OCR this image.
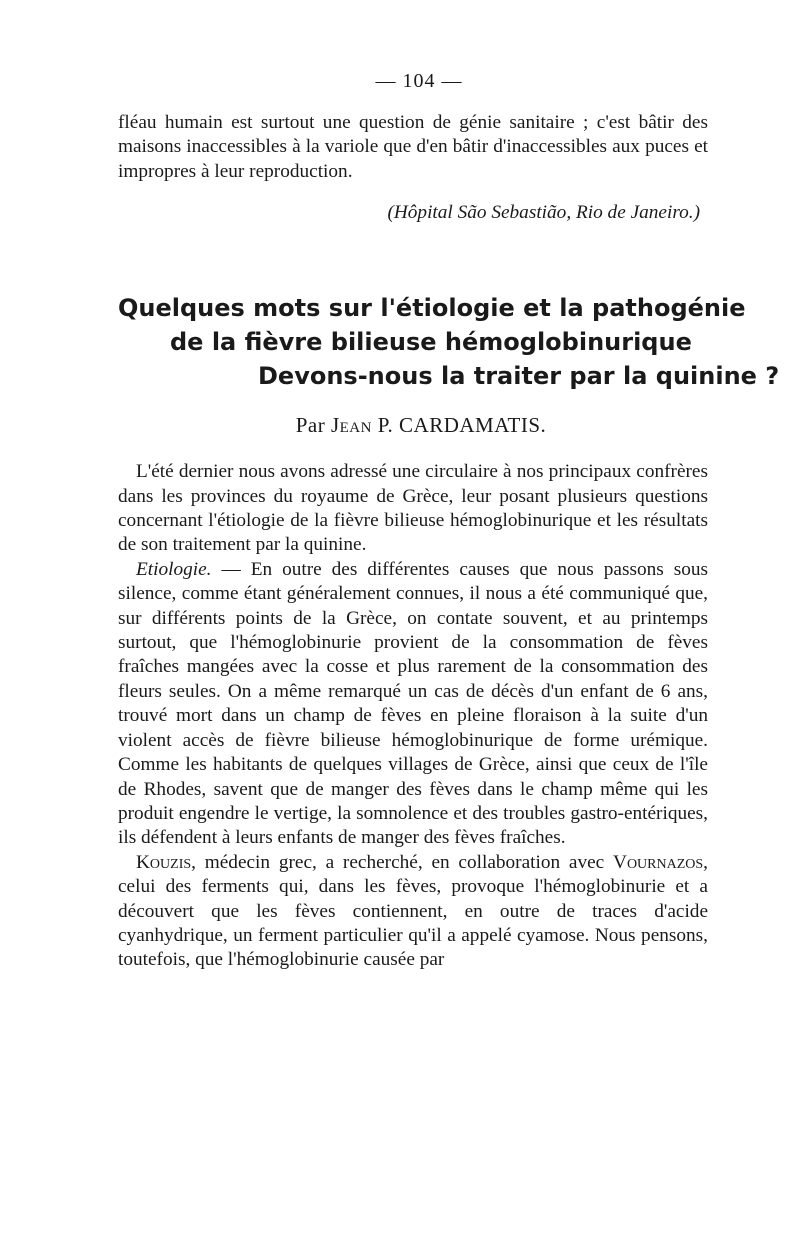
— 104 —

fléau humain est surtout une question de génie sanitaire ; c'est bâtir des maisons inaccessibles à la variole que d'en bâtir d'inaccessibles aux puces et impropres à leur reproduction.

(Hôpital São Sebastião, Rio de Janeiro.)
Quelques mots sur l'étiologie et la pathogénie
de la fièvre bilieuse hémoglobinurique
Devons-nous la traiter par la quinine ?
Par Jean P. CARDAMATIS.

L'été dernier nous avons adressé une circulaire à nos principaux confrères dans les provinces du royaume de Grèce, leur posant plusieurs questions concernant l'étiologie de la fièvre bilieuse hémoglobinurique et les résultats de son traitement par la quinine.

Etiologie. — En outre des différentes causes que nous passons sous silence, comme étant généralement connues, il nous a été communiqué que, sur différents points de la Grèce, on contate souvent, et au printemps surtout, que l'hémoglobinurie provient de la consommation de fèves fraîches mangées avec la cosse et plus rarement de la consommation des fleurs seules. On a même remarqué un cas de décès d'un enfant de 6 ans, trouvé mort dans un champ de fèves en pleine floraison à la suite d'un violent accès de fièvre bilieuse hémoglobinurique de forme urémique. Comme les habitants de quelques villages de Grèce, ainsi que ceux de l'île de Rhodes, savent que de manger des fèves dans le champ même qui les produit engendre le vertige, la somnolence et des troubles gastro-entériques, ils défendent à leurs enfants de manger des fèves fraîches.

Kouzis, médecin grec, a recherché, en collaboration avec Vournazos, celui des ferments qui, dans les fèves, provoque l'hémoglobinurie et a découvert que les fèves contiennent, en outre de traces d'acide cyanhydrique, un ferment particulier qu'il a appelé cyamose. Nous pensons, toutefois, que l'hémoglobinurie causée par
